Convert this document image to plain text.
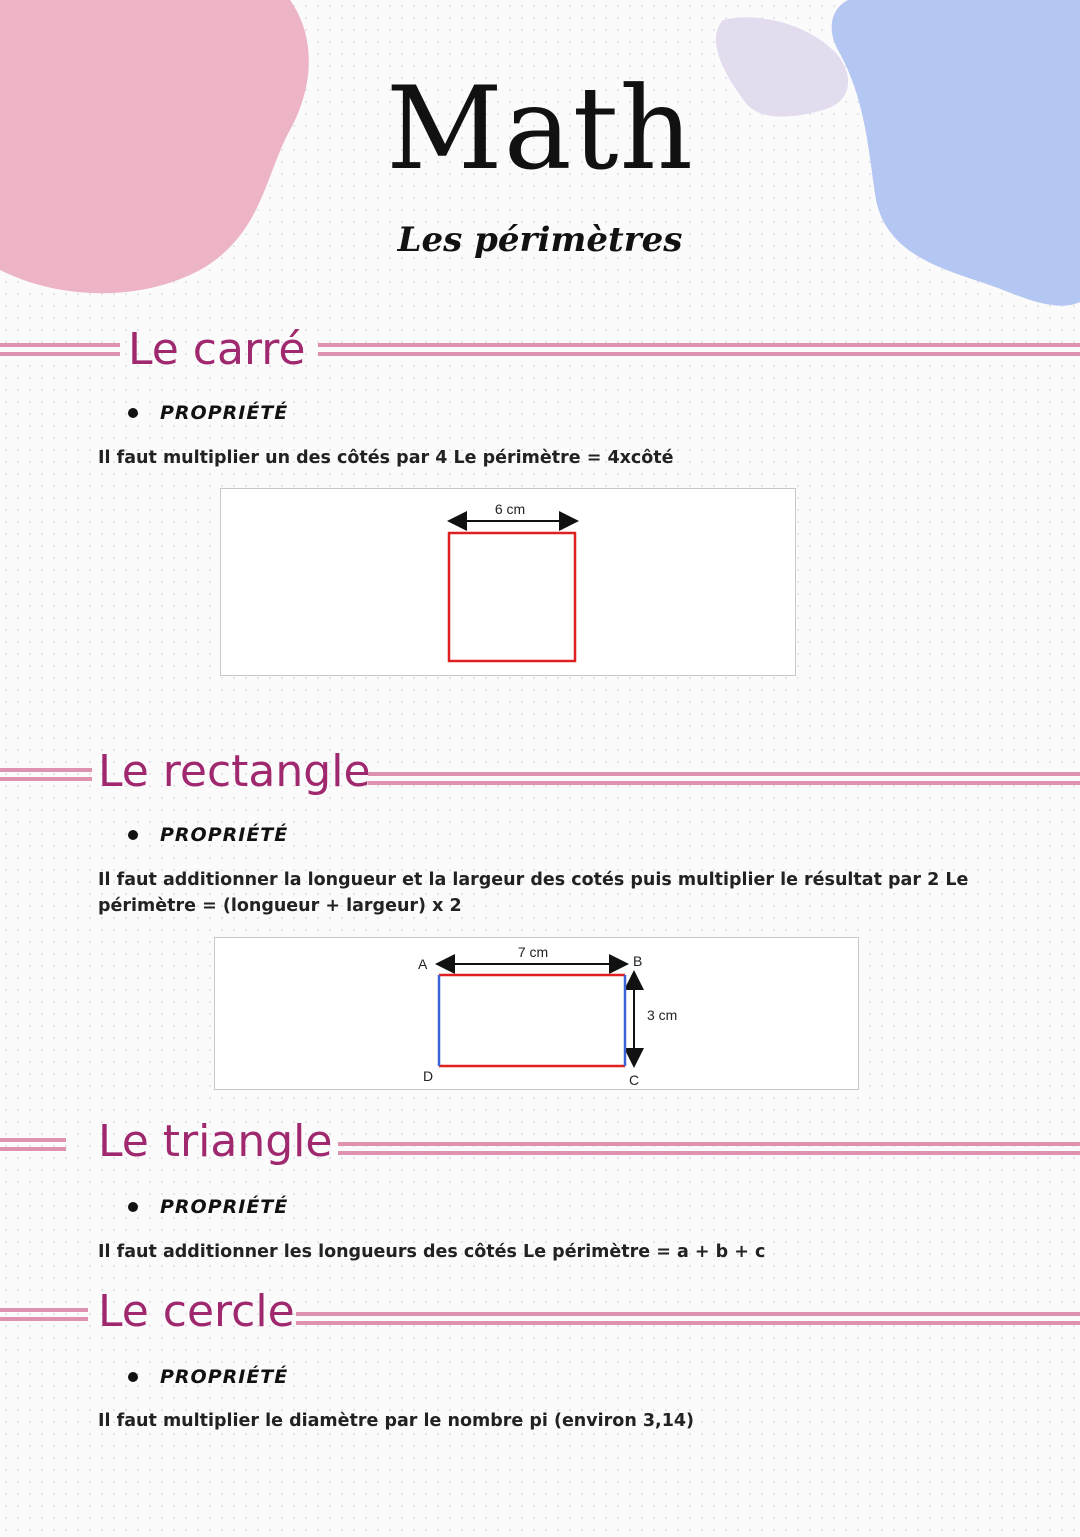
Math
Les périmètres
Le carré
PROPRIÉTÉ
Il faut multiplier un des côtés par 4 Le périmètre = 4xcôté
6 cm
Le rectangle
PROPRIÉTÉ
Il faut additionner la longueur et la largeur des cotés puis multiplier le résultat par 2 Le périmètre = (longueur + largeur) x 2
7 cm
3 cm
A	B
C
D
Le triangle
PROPRIÉTÉ
Il faut additionner les longueurs des côtés Le périmètre = a + b + c
Le cercle
PROPRIÉTÉ
Il faut multiplier le diamètre par le nombre pi (environ 3,14)
